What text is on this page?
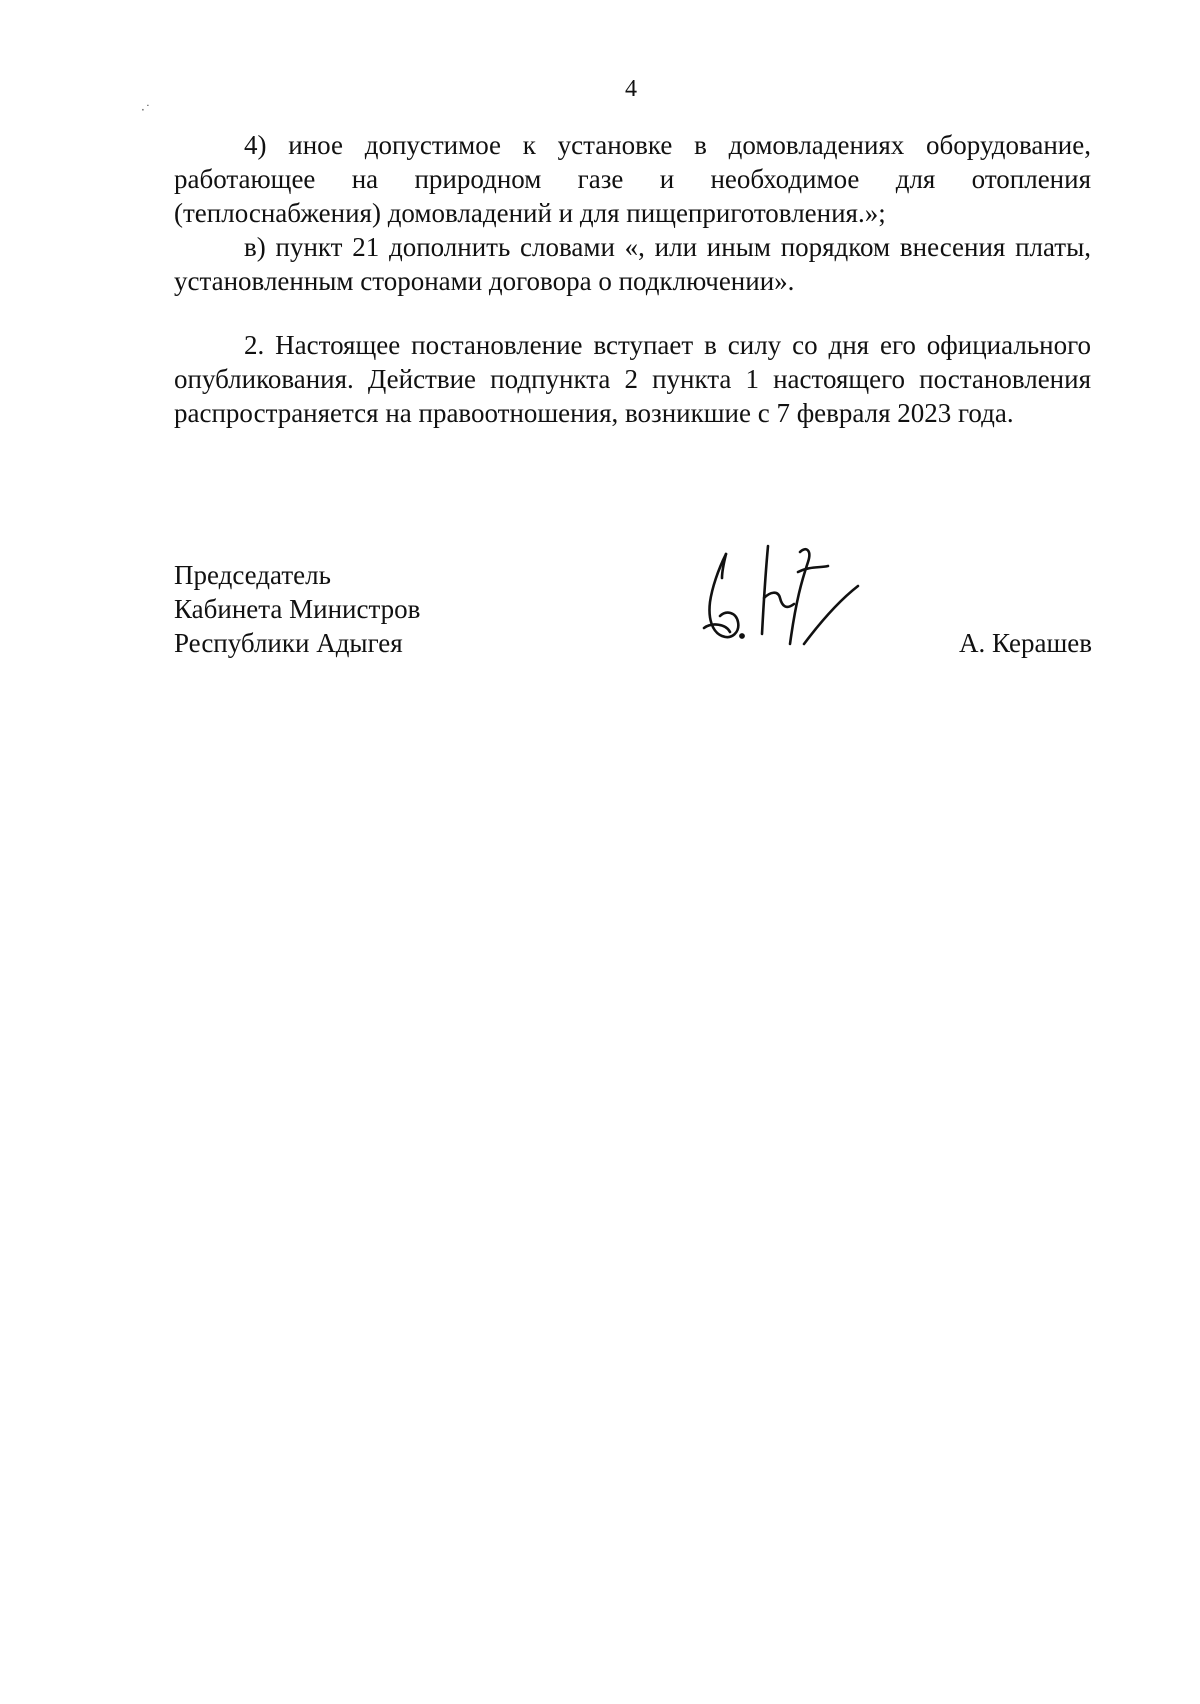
4
·˙

4) иное допустимое к установке в домовладениях оборудование, работающее на природном газе и необходимое для отопления (теплоснабжения) домовладений и для пищеприготовления.»;

в) пункт 21 дополнить словами «, или иным порядком внесения платы, установленным сторонами договора о подключении».

2. Настоящее постановление вступает в силу со дня его официального опубликования. Действие подпункта 2 пункта 1 настоящего постановления распространяется на правоотношения, возникшие с 7 февраля 2023 года.

Председатель
Кабинета Министров
Республики Адыгея	А. Керашев
